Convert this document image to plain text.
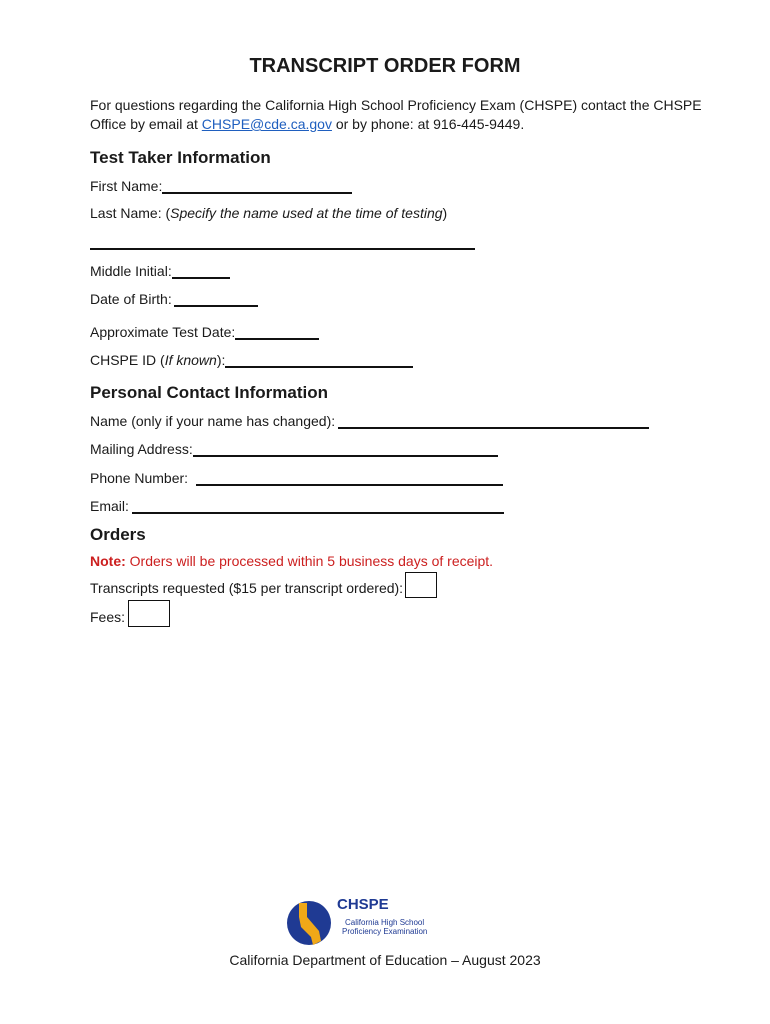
TRANSCRIPT ORDER FORM
For questions regarding the California High School Proficiency Exam (CHSPE) contact the CHSPE Office by email at CHSPE@cde.ca.gov or by phone: at 916-445-9449.
Test Taker Information
First Name:
Last Name: (Specify the name used at the time of testing)
Middle Initial:
Date of Birth:
Approximate Test Date:
CHSPE ID (If known):
Personal Contact Information
Name (only if your name has changed):
Mailing Address:
Phone Number:
Email:
Orders
Note: Orders will be processed within 5 business days of receipt.
Transcripts requested ($15 per transcript ordered):
Fees:
CHSPE
California High School
Proficiency Examination
California Department of Education – August 2023
